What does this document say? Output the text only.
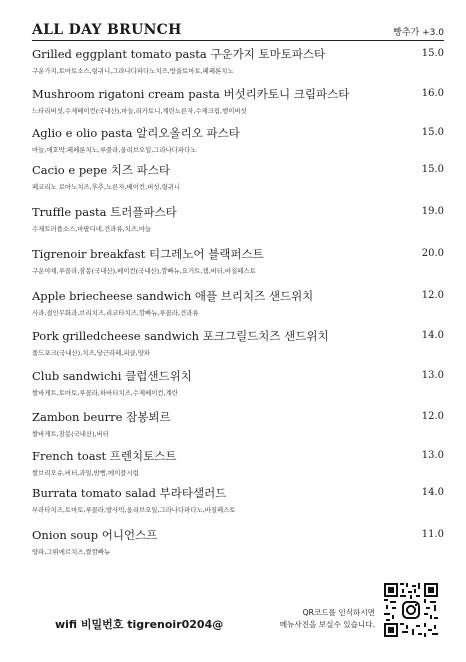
ALL DAY BRUNCH	빵추가 +3.0
Grilled eggplant tomato pasta 구운가지 토마토파스타	15.0
구운가지,토마토소스,링귀니,그라나다파다노치즈,방울토마토,페페론치노
Mushroom rigatoni cream pasta 버섯리카토니 크림파스타	16.0
느타리버섯,수제베이컨(국내산),마늘,리카토니,계란노른자,수제크림,행이버섯
Aglio e olio pasta 알리오올리오 파스타	15.0
마늘,애호박,페페론치노,루꼴라,올리브오일,그라나다파다노
Cacio e pepe 치즈 파스타	15.0
페코리노 로마노치즈,후추,노른자,베이컨,버섯,링귀니
Truffle pasta 트러플파스타	19.0
수제트러플소스,마팔디네,견과류,치즈,마늘
Tigrenoir breakfast 티그레노어 블랙퍼스트	20.0
구운야채,루꼴라,잠봉(국내산),베이컨(국내산),깜빠뉴,요거트,잼,버터,바질페스토
Apple briecheese sandwich 애플 브리치즈 샌드위치	12.0
사과,절인무화과,브리치즈,리코타치즈,깜빠뉴,루꼴라,견과류
Pork grilledcheese sandwich 포크그릴드치즈 샌드위치	14.0
풀드포크(국내산),치즈,당근라페,피클,양파
Club sandwichi 클럽샌드위치	13.0
쌀바게트,토마토,루꼴라,하바티치즈,수제베이컨,계란
Zambon beurre 잠봉뵈르	12.0
쌀바게트,잠봉(국내산),버터
French toast 프렌치토스트	13.0
쌀브리오슈,버터,과일,밤뻥,메이플시럽
Burrata tomato salad 부라타샐러드	14.0
부라타치즈,토마토,루꼴라,발사믹,올리브오일,그라나다파다노,바질페스토
Onion soup 어니언스프	11.0
양파,그뤼에르치즈,쌀깜빠뉴
wifi 비밀번호 tigrenoir0204@
QR코드를 인식하시면
메뉴사진을 보실수 있습니다.
